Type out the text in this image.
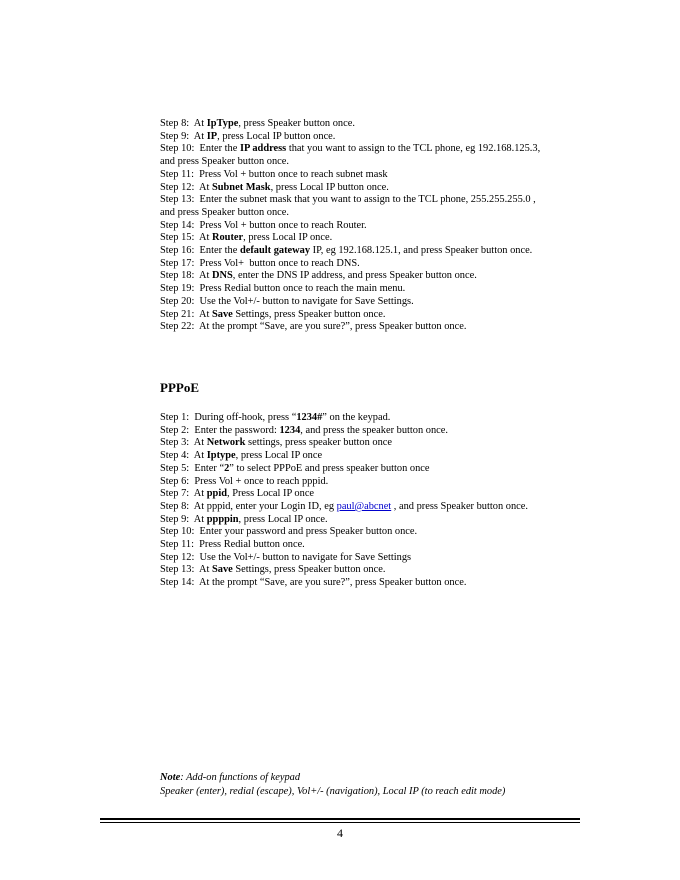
Step 8:  At IpType, press Speaker button once.
Step 9:  At IP, press Local IP button once.
Step 10:  Enter the IP address that you want to assign to the TCL phone, eg 192.168.125.3,
and press Speaker button once.
Step 11:  Press Vol + button once to reach subnet mask
Step 12:  At Subnet Mask, press Local IP button once.
Step 13:  Enter the subnet mask that you want to assign to the TCL phone, 255.255.255.0 ,
and press Speaker button once.
Step 14:  Press Vol + button once to reach Router.
Step 15:  At Router, press Local IP once.
Step 16:  Enter the default gateway IP, eg 192.168.125.1, and press Speaker button once.
Step 17:  Press Vol+  button once to reach DNS.
Step 18:  At DNS, enter the DNS IP address, and press Speaker button once.
Step 19:  Press Redial button once to reach the main menu.
Step 20:  Use the Vol+/- button to navigate for Save Settings.
Step 21:  At Save Settings, press Speaker button once.
Step 22:  At the prompt “Save, are you sure?”, press Speaker button once.
PPPoE
Step 1:  During off-hook, press “1234#” on the keypad.
Step 2:  Enter the password: 1234, and press the speaker button once.
Step 3:  At Network settings, press speaker button once
Step 4:  At Iptype, press Local IP once
Step 5:  Enter “2” to select PPPoE and press speaker button once
Step 6:  Press Vol + once to reach pppid.
Step 7:  At ppid, Press Local IP once
Step 8:  At pppid, enter your Login ID, eg paul@abcnet , and press Speaker button once.
Step 9:  At ppppin, press Local IP once.
Step 10:  Enter your password and press Speaker button once.
Step 11:  Press Redial button once.
Step 12:  Use the Vol+/- button to navigate for Save Settings
Step 13:  At Save Settings, press Speaker button once.
Step 14:  At the prompt “Save, are you sure?”, press Speaker button once.
Note: Add-on functions of keypad
Speaker (enter), redial (escape), Vol+/- (navigation), Local IP (to reach edit mode)
4
